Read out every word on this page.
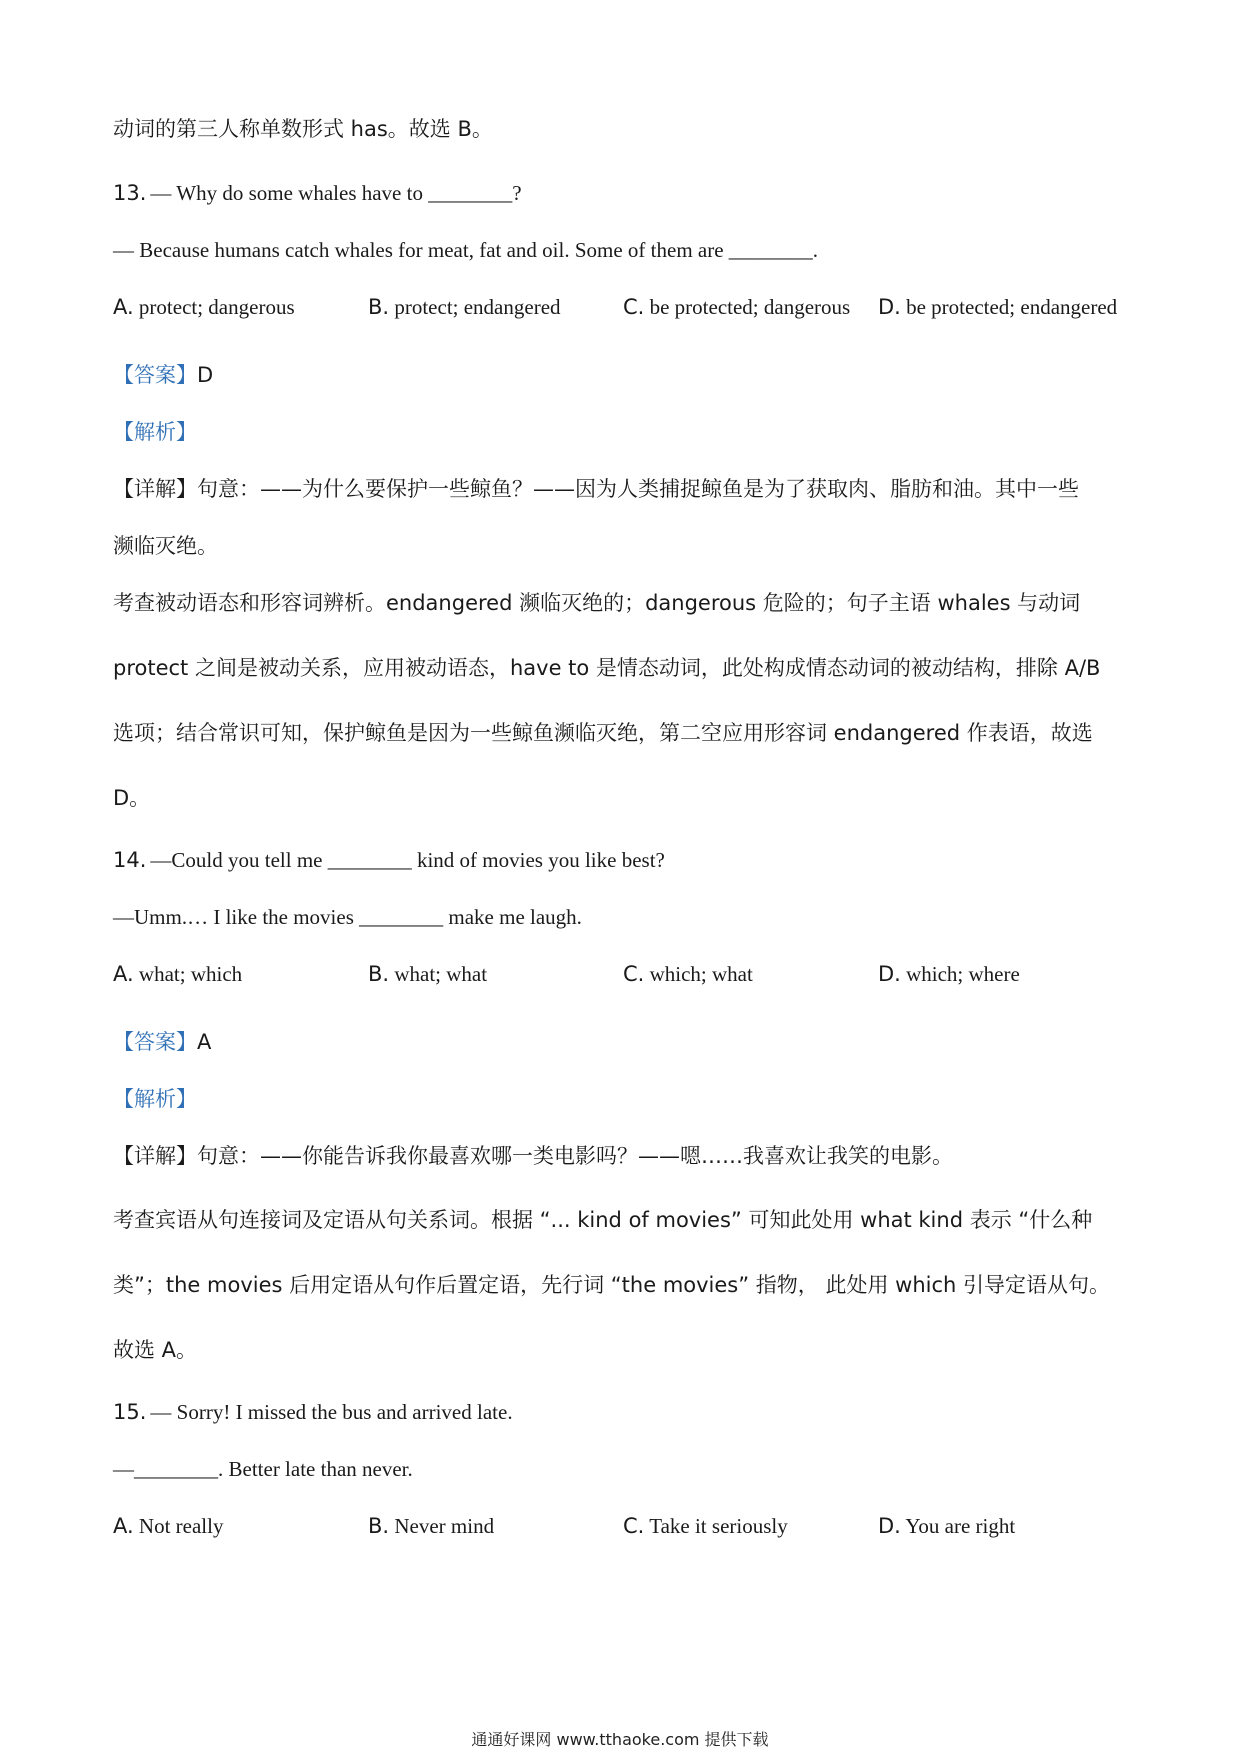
动词的第三人称单数形式 has。故选 B。
13. — Why do some whales have to ________?
— Because humans catch whales for meat, fat and oil. Some of them are ________.
A. protect; dangerous	B. protect; endangered	C. be protected; dangerous D. be protected; endangered
【答案】D
【解析】
【详解】句意：——为什么要保护一些鲸鱼？——因为人类捕捉鲸鱼是为了获取肉、脂肪和油。其中一些
濒临灭绝。
考查被动语态和形容词辨析。endangered 濒临灭绝的；dangerous 危险的；句子主语 whales 与动词
protect 之间是被动关系，应用被动语态，have to 是情态动词，此处构成情态动词的被动结构，排除 A/B
选项；结合常识可知，保护鲸鱼是因为一些鲸鱼濒临灭绝，第二空应用形容词 endangered 作表语，故选
D。
14. —Could you tell me ________ kind of movies you like best?
—Umm.… I like the movies ________ make me laugh.
A. what; which	B. what; what	C. which; what	D. which; where
【答案】A
【解析】
【详解】句意：——你能告诉我你最喜欢哪一类电影吗？——嗯……我喜欢让我笑的电影。
考查宾语从句连接词及定语从句关系词。根据 “... kind of movies” 可知此处用 what kind 表示 “什么种
类”；the movies 后用定语从句作后置定语，先行词 “the movies” 指物， 此处用 which 引导定语从句。
故选 A。
15. — Sorry! I missed the bus and arrived late.
—________. Better late than never.
A. Not really	B. Never mind	C. Take it seriously	D. You are right
通通好课网 www.tthaoke.com 提供下载
